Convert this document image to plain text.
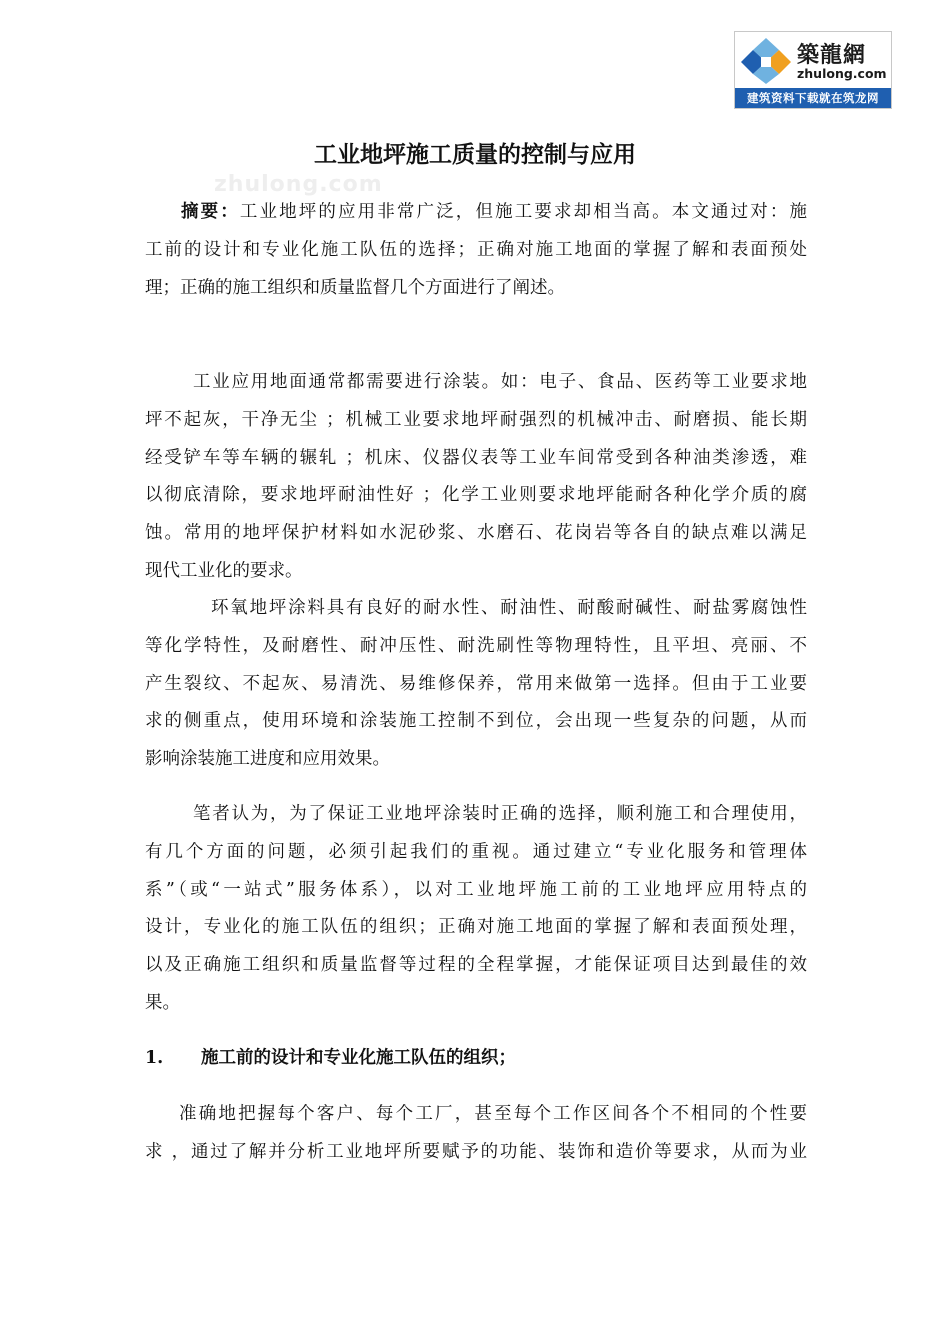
築龍網
zhulong.com
建筑资料下载就在筑龙网
zhulong.com
工业地坪施工质量的控制与应用
摘要：工业地坪的应用非常广泛，但施工要求却相当高。本文通过对：施
工前的设计和专业化施工队伍的选择；正确对施工地面的掌握了解和表面预处
理；正确的施工组织和质量监督几个方面进行了阐述。
工业应用地面通常都需要进行涂装。如：电子、食品、医药等工业要求地
坪不起灰，干净无尘 ；机械工业要求地坪耐强烈的机械冲击、耐磨损、能长期
经受铲车等车辆的辗轧 ；机床、仪器仪表等工业车间常受到各种油类渗透，难
以彻底清除，要求地坪耐油性好 ；化学工业则要求地坪能耐各种化学介质的腐
蚀。常用的地坪保护材料如水泥砂浆、水磨石、花岗岩等各自的缺点难以满足
现代工业化的要求。
环氧地坪涂料具有良好的耐水性、耐油性、耐酸耐碱性、耐盐雾腐蚀性
等化学特性，及耐磨性、耐冲压性、耐洗刷性等物理特性，且平坦、亮丽、不
产生裂纹、不起灰、易清洗、易维修保养，常用来做第一选择。但由于工业要
求的侧重点，使用环境和涂装施工控制不到位，会出现一些复杂的问题，从而
影响涂装施工进度和应用效果。
笔者认为，为了保证工业地坪涂装时正确的选择，顺利施工和合理使用，
有几个方面的问题，必须引起我们的重视。通过建立“专业化服务和管理体
系”（或“一站式”服务体系），以对工业地坪施工前的工业地坪应用特点的
设计，专业化的施工队伍的组织；正确对施工地面的掌握了解和表面预处理，
以及正确施工组织和质量监督等过程的全程掌握，才能保证项目达到最佳的效
果。
1. 施工前的设计和专业化施工队伍的组织；
准确地把握每个客户、每个工厂，甚至每个工作区间各个不相同的个性要
求 ，通过了解并分析工业地坪所要赋予的功能、装饰和造价等要求，从而为业
